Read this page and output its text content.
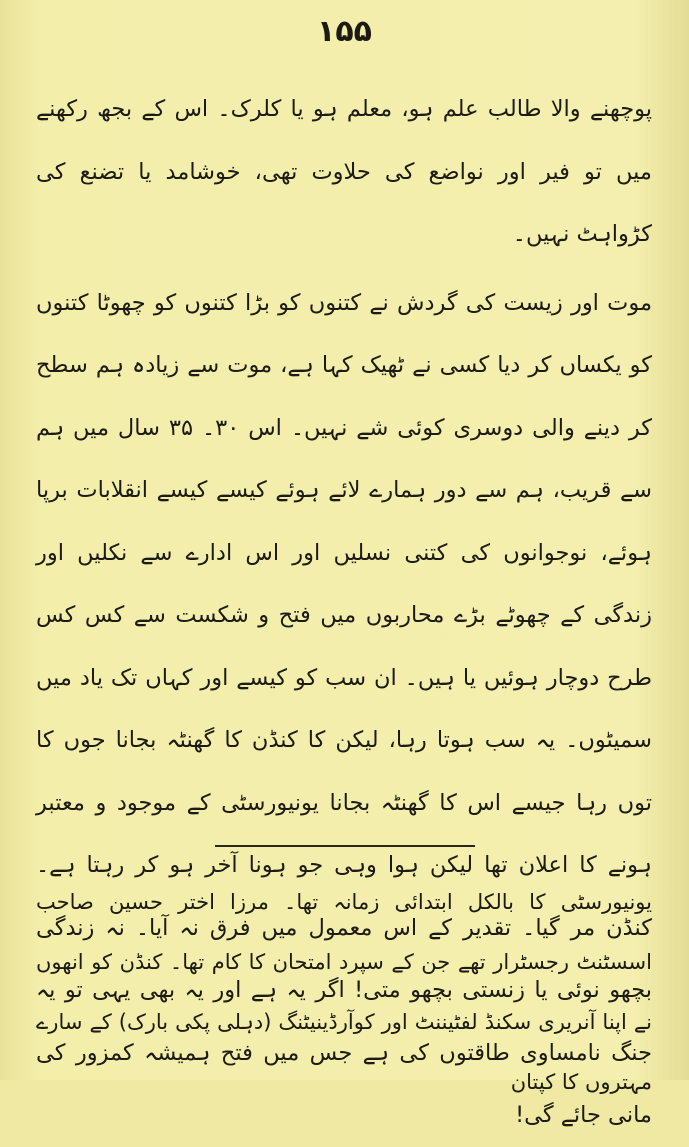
۱۵۵

پوچھنے والا طالب علم ہو، معلم ہو یا کلرک۔ اس کے بجھ رکھنے میں تو فیر اور نواضع کی حلاوت تھی، خوشامد یا تضنع کی کڑواہٹ نہیں۔

موت اور زیست کی گردش نے کتنوں کو بڑا کتنوں کو چھوٹا کتنوں کو یکساں کر دیا کسی نے ٹھیک کہا ہے، موت سے زیادہ ہم سطح کر دینے والی دوسری کوئی شے نہیں۔ اس ۳۰۔ ۳۵ سال میں ہم سے قریب، ہم سے دور ہمارے لائے ہوئے کیسے کیسے انقلابات برپا ہوئے، نوجوانوں کی کتنی نسلیں اور اس ادارے سے نکلیں اور زندگی کے چھوٹے بڑے محاربوں میں فتح و شکست سے کس کس طرح دوچار ہوئیں یا ہیں۔ ان سب کو کیسے اور کہاں تک یاد میں سمیٹوں۔ یہ سب ہوتا رہا، لیکن کا کنڈن کا گھنٹہ بجانا جوں کا توں رہا جیسے اس کا گھنٹہ بجانا یونیورسٹی کے موجود و معتبر ہونے کا اعلان تھا لیکن ہوا وہی جو ہونا آخر ہو کر رہتا ہے۔ کنڈن مر گیا۔ تقدیر کے اس معمول میں فرق نہ آیا۔ نہ زندگی بچھو نوئی یا زنستی بچھو متی! اگر یہ ہے اور یہ بھی یہی تو یہ جنگ نامساوی طاقتوں کی ہے جس میں فتح ہمیشہ کمزور کی مانی جائے گی!

یونیورسٹی کا بالکل ابتدائی زمانہ تھا۔ مرزا اختر حسین صاحب اسسٹنٹ رجسٹرار تھے جن کے سپرد امتحان کا کام تھا۔ کنڈن کو انھوں نے اپنا آنریری سکنڈ لفٹیننٹ اور کوآرڈینیٹنگ (دہلی پکی بارک) کے سارے مہتروں کا کپتان
